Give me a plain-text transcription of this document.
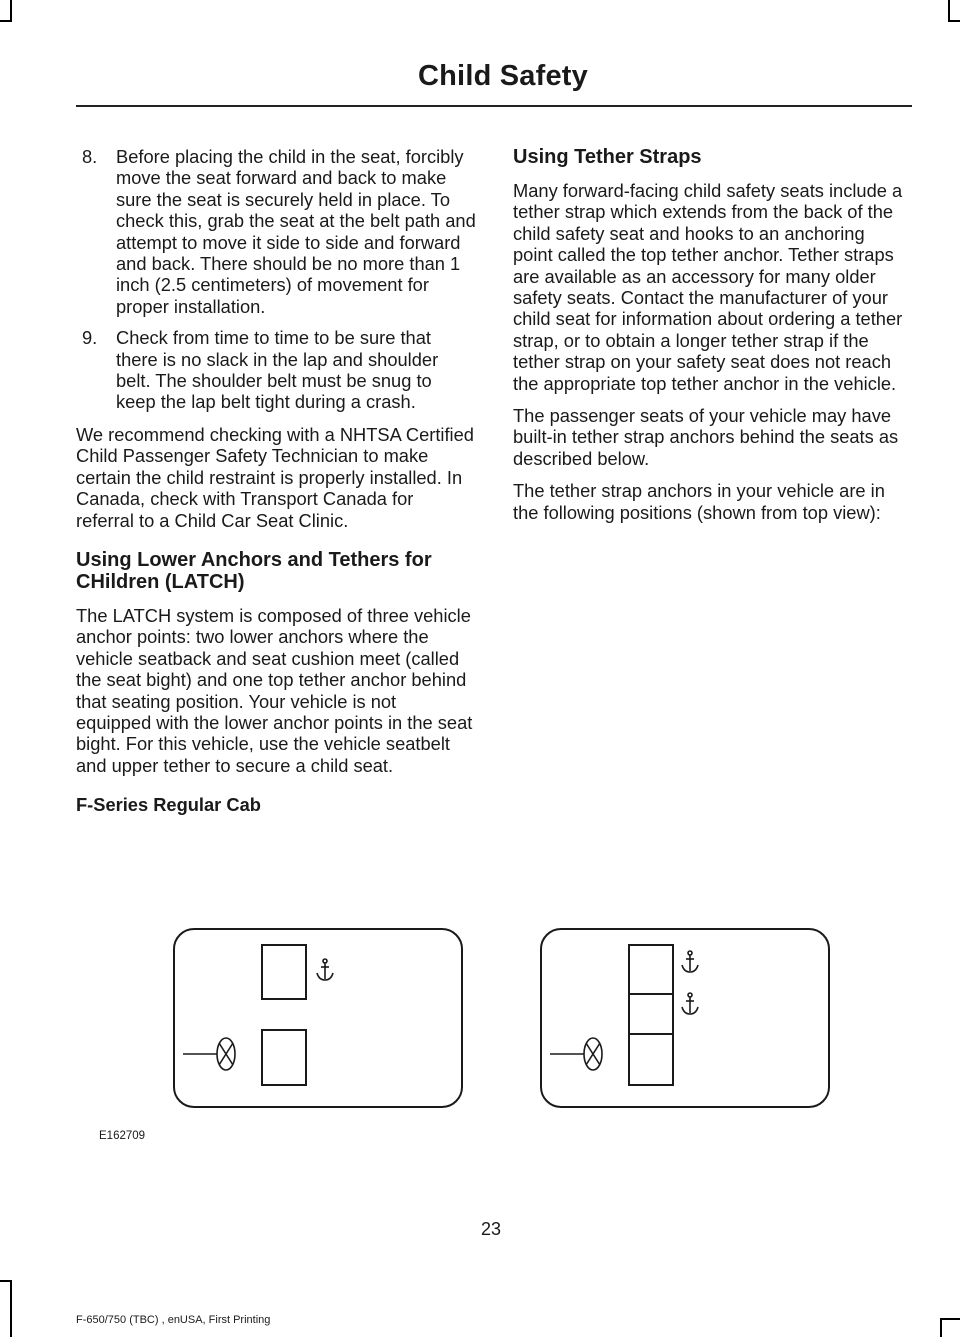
Child Safety
8. Before placing the child in the seat, forcibly move the seat forward and back to make sure the seat is securely held in place. To check this, grab the seat at the belt path and attempt to move it side to side and forward and back. There should be no more than 1 inch (2.5 centimeters) of movement for proper installation.
9. Check from time to time to be sure that there is no slack in the lap and shoulder belt. The shoulder belt must be snug to keep the lap belt tight during a crash.

We recommend checking with a NHTSA Certified Child Passenger Safety Technician to make certain the child restraint is properly installed. In Canada, check with Transport Canada for referral to a Child Car Seat Clinic.

Using Lower Anchors and Tethers for CHildren (LATCH)

The LATCH system is composed of three vehicle anchor points: two lower anchors where the vehicle seatback and seat cushion meet (called the seat bight) and one top tether anchor behind that seating position. Your vehicle is not equipped with the lower anchor points in the seat bight. For this vehicle, use the vehicle seatbelt and upper tether to secure a child seat.

F-Series Regular Cab
Using Tether Straps

Many forward-facing child safety seats include a tether strap which extends from the back of the child safety seat and hooks to an anchoring point called the top tether anchor. Tether straps are available as an accessory for many older safety seats. Contact the manufacturer of your child seat for information about ordering a tether strap, or to obtain a longer tether strap if the tether strap on your safety seat does not reach the appropriate top tether anchor in the vehicle.

The passenger seats of your vehicle may have built-in tether strap anchors behind the seats as described below.

The tether strap anchors in your vehicle are in the following positions (shown from top view):

E162709
23
F-650/750 (TBC) , enUSA, First Printing
